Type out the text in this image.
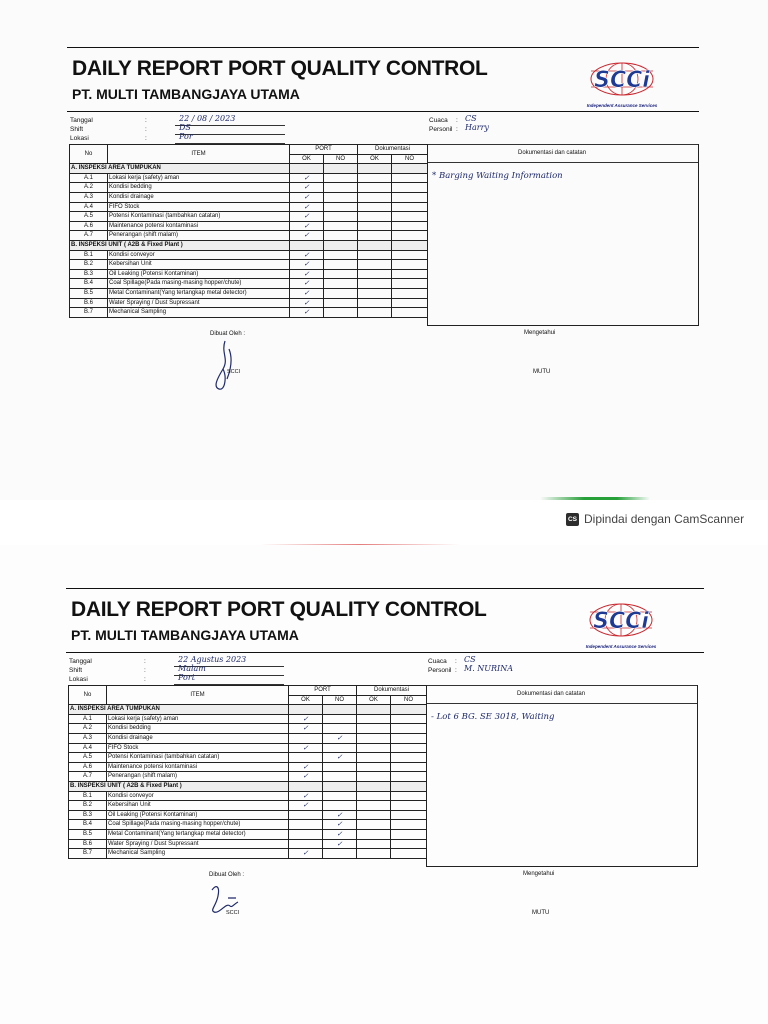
CS Dipindai dengan CamScanner
DAILY REPORT PORT QUALITY CONTROL
PT. MULTI TAMBANGJAYA UTAMA
SCCi
Independent Assurance Services
Tanggal	:	22 / 08 / 2023
Shift	:	DS
Lokasi	:	Por
Cuaca : CS
Personil : Harry
No	ITEM	PORT		Dokumentasi	
		OK	NO	OK	NO
A. INSPEKSI AREA TUMPUKAN					
A.1	Lokasi kerja (safety) aman	✓			
A.2	Kondisi bedding	✓			
A.3	Kondisi drainage	✓			
A.4	FIFO Stock	✓			
A.5	Potensi Kontaminasi (tambahkan catatan)	✓			
A.6	Maintenance potensi kontaminasi	✓			
A.7	Penerangan (shift malam)	✓			
B. INSPEKSI UNIT ( A2B & Fixed Plant )					
B.1	Kondisi conveyor	✓			
B.2	Kebersihan Unit	✓			
B.3	Oil Leaking (Potensi Kontaminan)	✓			
B.4	Coal Spillage(Pada masing-masing hopper/chute)	✓			
B.5	Metal Contaminant(Yang tertangkap metal detector)	✓			
B.6	Water Spraying / Dust Supressant	✓			
B.7	Mechanical Sampling	✓			
Dokumentasi dan catatan
* Barging Waiting Information
Dibuat Oleh :	Mengetahui
SCCI	MUTU
DAILY REPORT PORT QUALITY CONTROL
PT. MULTI TAMBANGJAYA UTAMA
SCCi
Independent Assurance Services
Tanggal	:	22 Agustus 2023
Shift	:	Malam
Lokasi	:	Port
Cuaca : CS
Personil : M. NURINA
No	ITEM	PORT		Dokumentasi	
		OK	NO	OK	NO
A. INSPEKSI AREA TUMPUKAN					
A.1	Lokasi kerja (safety) aman	✓			
A.2	Kondisi bedding	✓			
A.3	Kondisi drainage		✓		
A.4	FIFO Stock	✓			
A.5	Potensi Kontaminasi (tambahkan catatan)		✓		
A.6	Maintenance potensi kontaminasi	✓			
A.7	Penerangan (shift malam)	✓			
B. INSPEKSI UNIT ( A2B & Fixed Plant )					
B.1	Kondisi conveyor	✓			
B.2	Kebersihan Unit	✓			
B.3	Oil Leaking (Potensi Kontaminan)		✓		
B.4	Coal Spillage(Pada masing-masing hopper/chute)		✓		
B.5	Metal Contaminant(Yang tertangkap metal detector)		✓		
B.6	Water Spraying / Dust Supressant		✓		
B.7	Mechanical Sampling	✓			
Dokumentasi dan catatan
- Lot 6 BG. SE 3018, Waiting
Dibuat Oleh :	Mengetahui
SCCI	MUTU
